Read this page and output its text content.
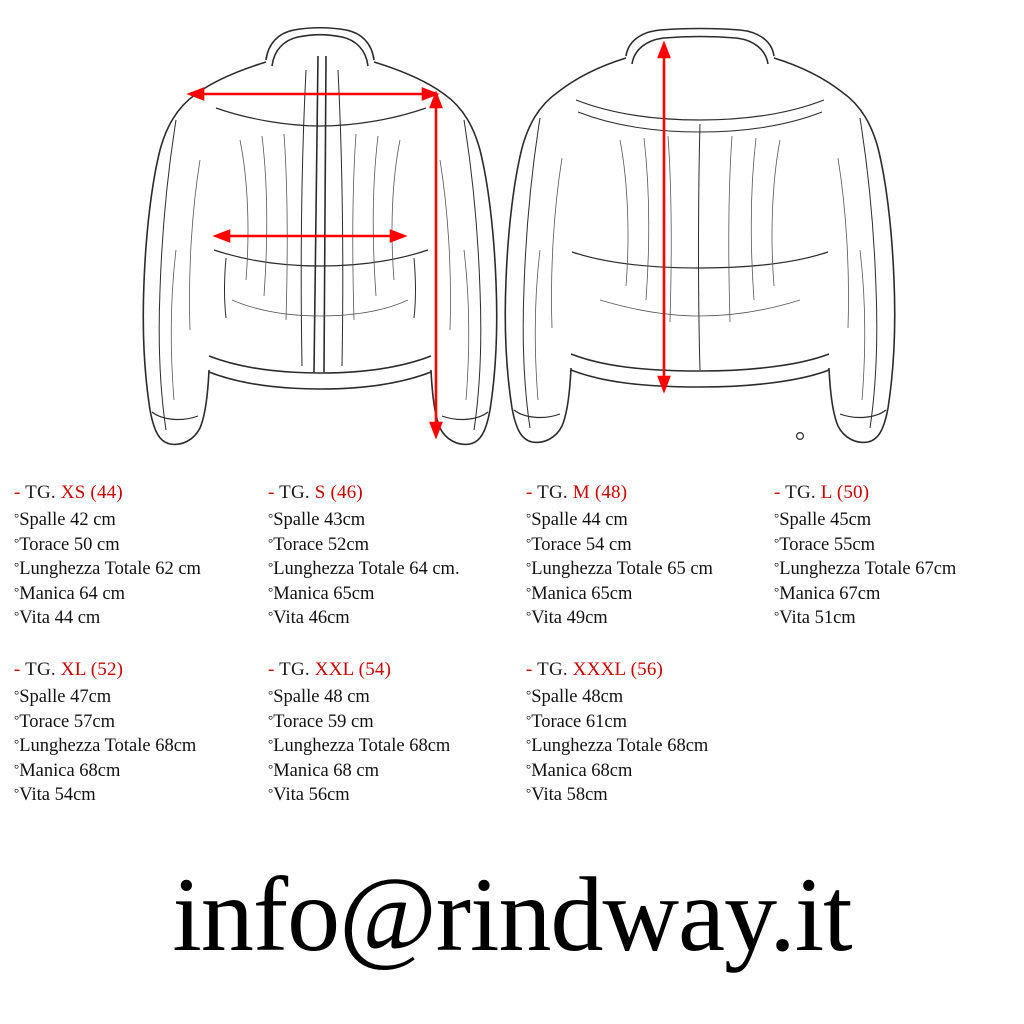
- TG. XS (44)
°Spalle 42 cm
°Torace 50 cm
°Lunghezza Totale 62 cm
°Manica 64 cm
°Vita 44 cm
- TG. S (46)
°Spalle 43cm
°Torace 52cm
°Lunghezza Totale 64 cm.
°Manica 65cm
°Vita 46cm
- TG. M (48)
°Spalle 44 cm
°Torace 54 cm
°Lunghezza Totale 65 cm
°Manica 65cm
°Vita 49cm
- TG. L (50)
°Spalle 45cm
°Torace 55cm
°Lunghezza Totale 67cm
°Manica 67cm
°Vita 51cm
- TG. XL (52)
°Spalle 47cm
°Torace 57cm
°Lunghezza Totale 68cm
°Manica 68cm
°Vita 54cm
- TG. XXL (54)
°Spalle 48 cm
°Torace 59 cm
°Lunghezza Totale 68cm
°Manica 68 cm
°Vita 56cm
- TG. XXXL (56)
°Spalle 48cm
°Torace 61cm
°Lunghezza Totale 68cm
°Manica 68cm
°Vita 58cm
info@rindway.it
